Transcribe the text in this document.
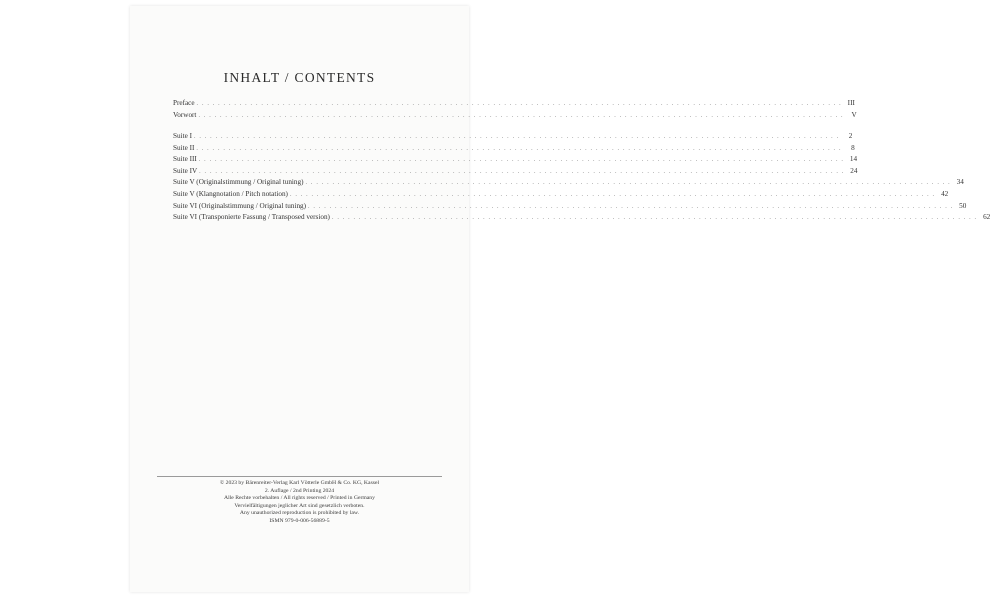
INHALT / CONTENTS
Preface . . . . . . . . . . . . . . . . . . . . . . . . . . . . . . . . . . . . . . . . . . . . . . . . . . . . . . . . . . . . . . . . . . . . . . . . . . . . . . . . . . . . . . . . . . . . . . . . . . . . . . . . . . . . . . . . . . . . . . . . III
Vorwort . . . . . . . . . . . . . . . . . . . . . . . . . . . . . . . . . . . . . . . . . . . . . . . . . . . . . . . . . . . . . . . . . . . . . . . . . . . . . . . . . . . . . . . . . . . . . . . . . . . . . . . . . . . . . . . . . . . . . . . .	V
Suite I . . . . . . . . . . . . . . . . . . . . . . . . . . . . . . . . . . . . . . . . . . . . . . . . . . . . . . . . . . . . . . . . . . . . . . . . . . . . . . . . . . . . . . . . . . . . . . . . . . . . . . . . . . . . . . . . . . . . . . . .	2
Suite II . . . . . . . . . . . . . . . . . . . . . . . . . . . . . . . . . . . . . . . . . . . . . . . . . . . . . . . . . . . . . . . . . . . . . . . . . . . . . . . . . . . . . . . . . . . . . . . . . . . . . . . . . . . . . . . . . . . . . . . .	8
Suite III . . . . . . . . . . . . . . . . . . . . . . . . . . . . . . . . . . . . . . . . . . . . . . . . . . . . . . . . . . . . . . . . . . . . . . . . . . . . . . . . . . . . . . . . . . . . . . . . . . . . . . . . . . . . . . . . . . . . . . . . 14
Suite IV . . . . . . . . . . . . . . . . . . . . . . . . . . . . . . . . . . . . . . . . . . . . . . . . . . . . . . . . . . . . . . . . . . . . . . . . . . . . . . . . . . . . . . . . . . . . . . . . . . . . . . . . . . . . . . . . . . . . . . . . 24
Suite V (Originalstimmung / Original tuning) . . . . . . . . . . . . . . . . . . . . . . . . . . . . . . . . . . . . . . . . . . . . . . . . . . . . . . . . . . . . . . . . . . . . . . . . . . . . . . . . . . . . . . . . . . . . . . . . . . . . . . . . . . . . . . . . . . . . . . . . 34
Suite V (Klangnotation / Pitch notation) . . . . . . . . . . . . . . . . . . . . . . . . . . . . . . . . . . . . . . . . . . . . . . . . . . . . . . . . . . . . . . . . . . . . . . . . . . . . . . . . . . . . . . . . . . . . . . . . . . . . . . . . . . . . . . . . . . . . . . . . 42
Suite VI (Originalstimmung / Original tuning) . . . . . . . . . . . . . . . . . . . . . . . . . . . . . . . . . . . . . . . . . . . . . . . . . . . . . . . . . . . . . . . . . . . . . . . . . . . . . . . . . . . . . . . . . . . . . . . . . . . . . . . . . . . . . . . . . . . . . . . . 50
Suite VI (Transponierte Fassung / Transposed version) . . . . . . . . . . . . . . . . . . . . . . . . . . . . . . . . . . . . . . . . . . . . . . . . . . . . . . . . . . . . . . . . . . . . . . . . . . . . . . . . . . . . . . . . . . . . . . . . . . . . . . . . . . . . . . . . . . . . . . . . 62
© 2023 by Bärenreiter-Verlag Karl Vötterle GmbH & Co. KG, Kassel
2. Auflage / 2nd Printing 2024
Alle Rechte vorbehalten / All rights reserved / Printed in Germany
Vervielfältigungen jeglicher Art sind gesetzlich verboten.
Any unauthorized reproduction is prohibited by law.
ISMN 979-0-006-56889-5
